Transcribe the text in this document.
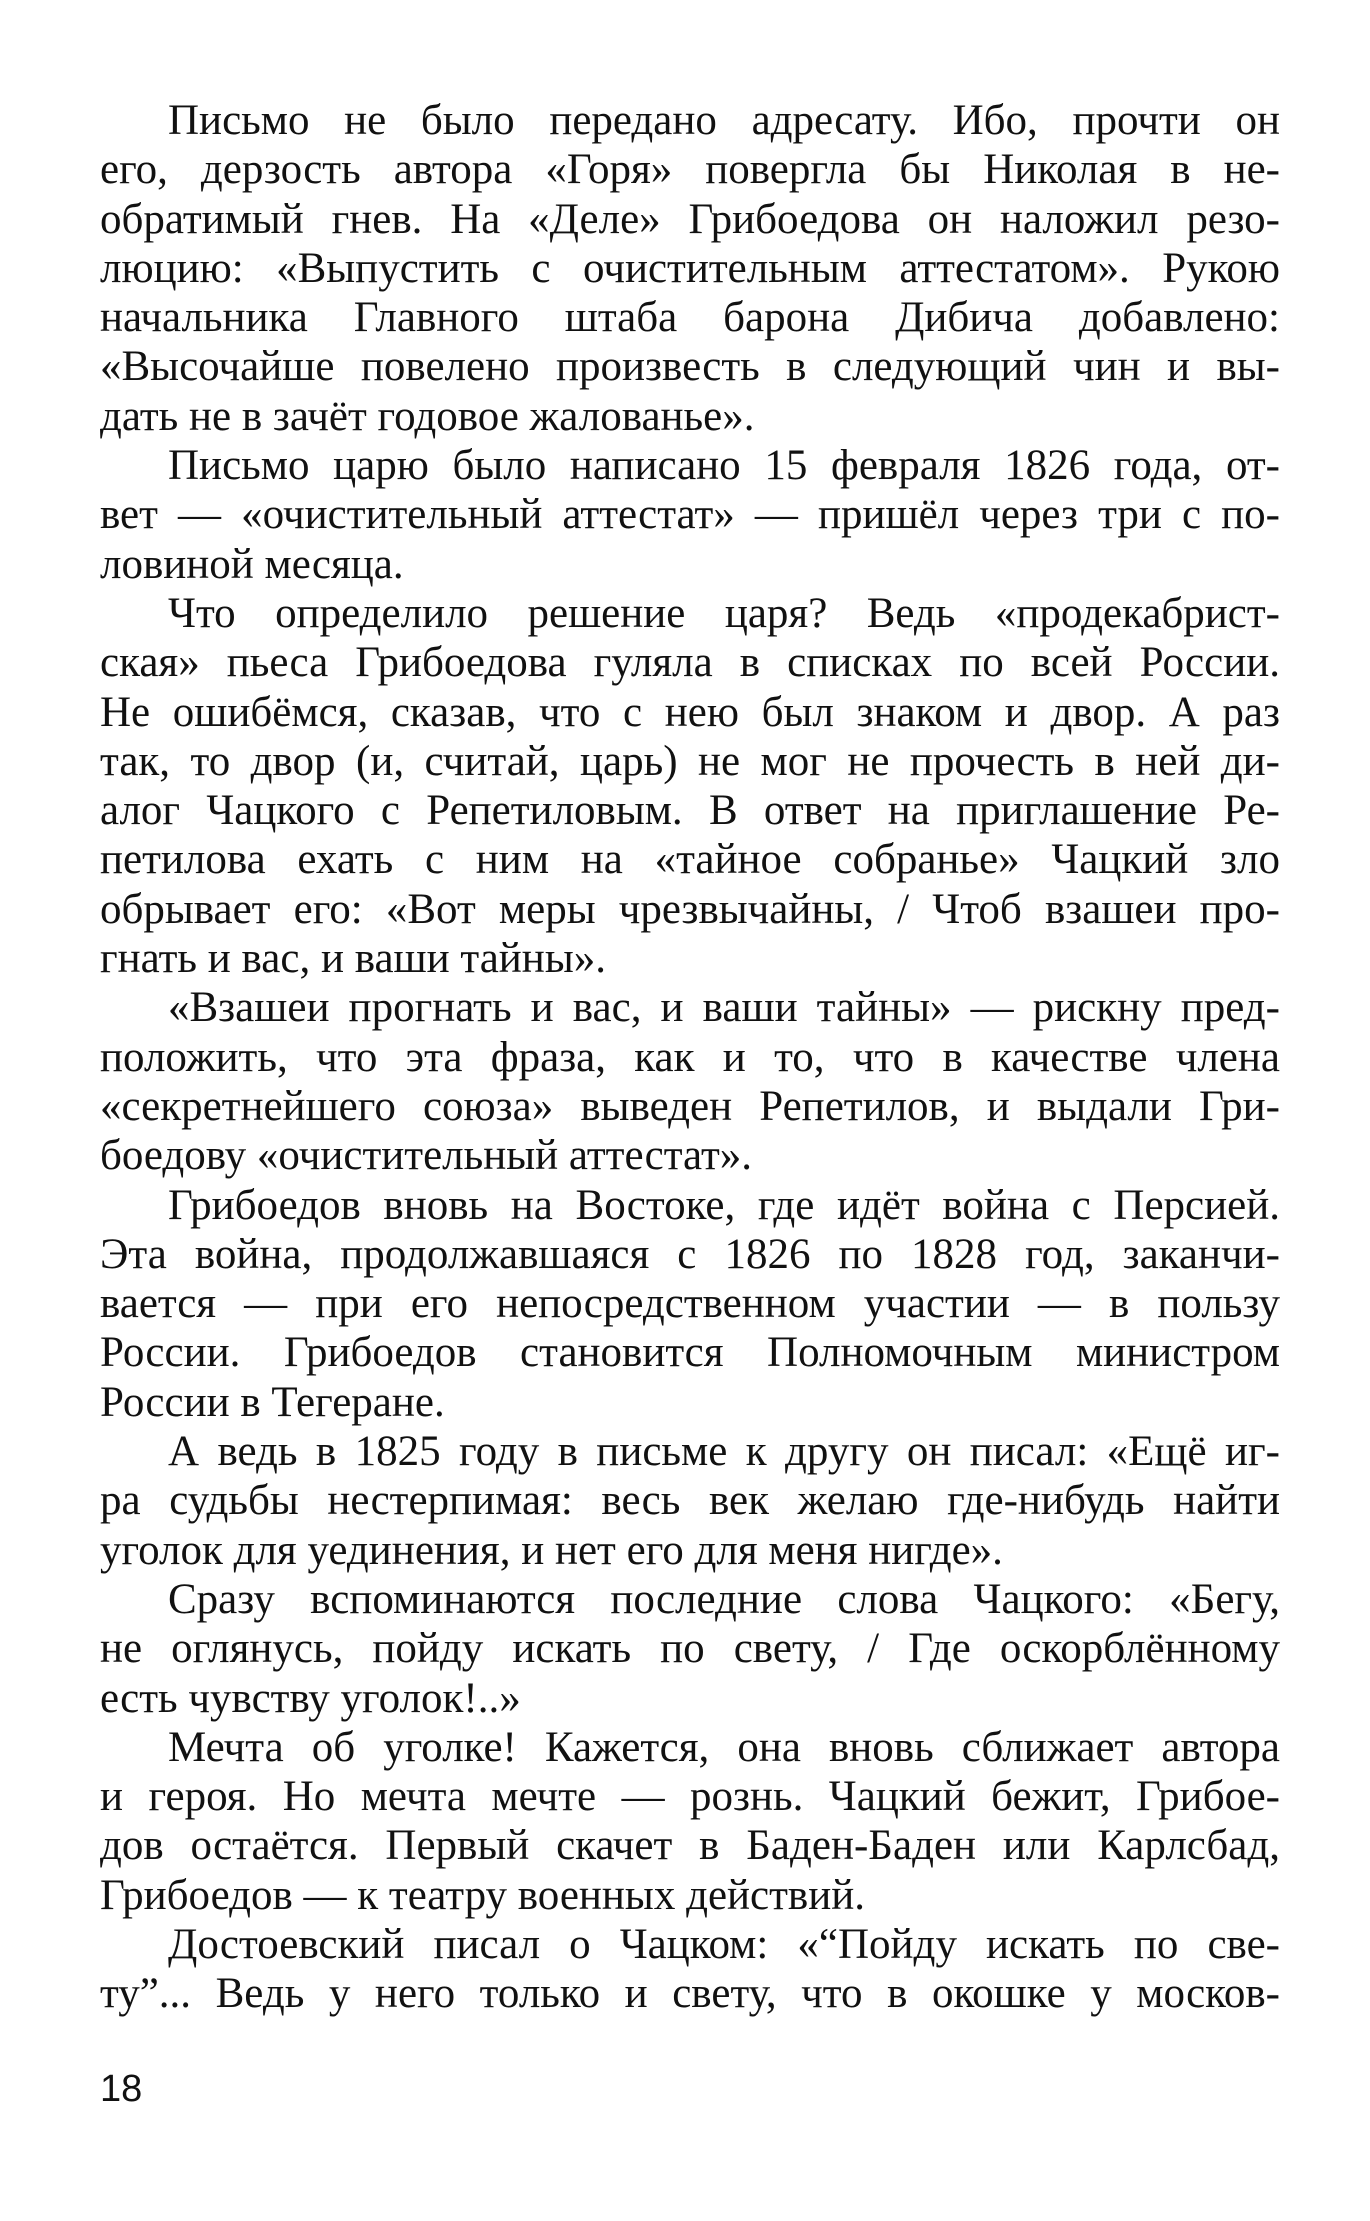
Письмо не было передано адресату. Ибо, прочти он
его, дерзость автора «Горя» повергла бы Николая в не-
обратимый гнев. На «Деле» Грибоедова он наложил резо-
люцию: «Выпустить с очистительным аттестатом». Рукою
начальника Главного штаба барона Дибича добавлено:
«Высочайше повелено произвесть в следующий чин и вы-
дать не в зачёт годовое жалованье».
Письмо царю было написано 15 февраля 1826 года, от-
вет — «очистительный аттестат» — пришёл через три с по-
ловиной месяца.
Что определило решение царя? Ведь «продекабрист-
ская» пьеса Грибоедова гуляла в списках по всей России.
Не ошибёмся, сказав, что с нею был знаком и двор. А раз
так, то двор (и, считай, царь) не мог не прочесть в ней ди-
алог Чацкого с Репетиловым. В ответ на приглашение Ре-
петилова ехать с ним на «тайное собранье» Чацкий зло
обрывает его: «Вот меры чрезвычайны, / Чтоб взашеи про-
гнать и вас, и ваши тайны».
«Взашеи прогнать и вас, и ваши тайны» — рискну пред-
положить, что эта фраза, как и то, что в качестве члена
«секретнейшего союза» выведен Репетилов, и выдали Гри-
боедову «очистительный аттестат».
Грибоедов вновь на Востоке, где идёт война с Персией.
Эта война, продолжавшаяся с 1826 по 1828 год, заканчи-
вается — при его непосредственном участии — в пользу
России. Грибоедов становится Полномочным министром
России в Тегеране.
А ведь в 1825 году в письме к другу он писал: «Ещё иг-
ра судьбы нестерпимая: весь век желаю где-нибудь найти
уголок для уединения, и нет его для меня нигде».
Сразу вспоминаются последние слова Чацкого: «Бегу,
не оглянусь, пойду искать по свету, / Где оскорблённому
есть чувству уголок!..»
Мечта об уголке! Кажется, она вновь сближает автора
и героя. Но мечта мечте — рознь. Чацкий бежит, Грибое-
дов остаётся. Первый скачет в Баден-Баден или Карлсбад,
Грибоедов — к театру военных действий.
Достоевский писал о Чацком: «“Пойду искать по све-
ту”... Ведь у него только и свету, что в окошке у москов-
18
